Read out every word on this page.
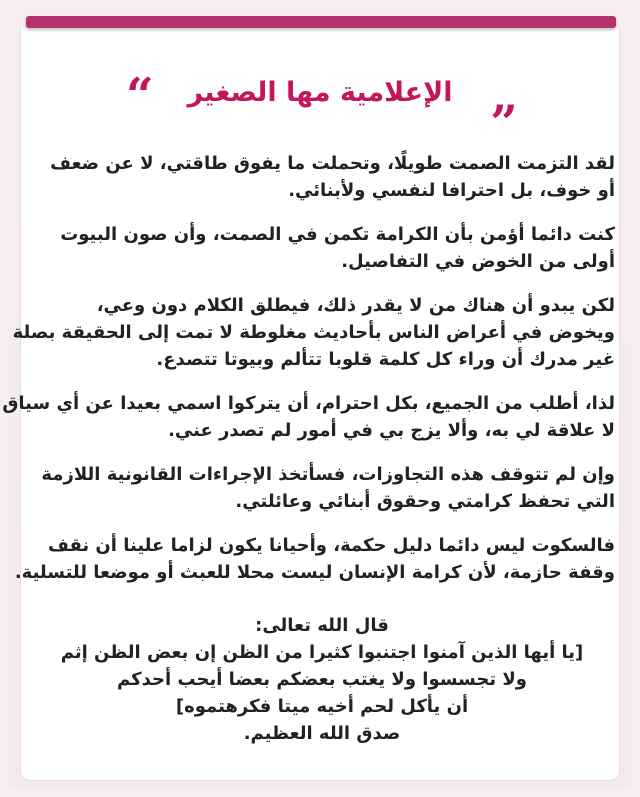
“	الإعلامية مها الصغير „

لقد التزمت الصمت طويلًا، وتحملت ما يفوق طاقتي، لا عن ضعف
أو خوف، بل احترافا لنفسي ولأبنائي.

كنت دائما أؤمن بأن الكرامة تكمن في الصمت، وأن صون البيوت
أولى من الخوض في التفاصيل.

لكن يبدو أن هناك من لا يقدر ذلك، فيطلق الكلام دون وعي،
ويخوض في أعراض الناس بأحاديث مغلوطة لا تمت إلى الحقيقة بصلة
غير مدرك أن وراء كل كلمة قلوبا تتألم وبيوتا تتصدع.

لذا، أطلب من الجميع، بكل احترام، أن يتركوا اسمي بعيدا عن أي سياق
لا علاقة لي به، وألا يزج بي في أمور لم تصدر عني.

وإن لم تتوقف هذه التجاوزات، فسأتخذ الإجراءات القانونية اللازمة
التي تحفظ كرامتي وحقوق أبنائي وعائلتي.

فالسكوت ليس دائما دليل حكمة، وأحيانا يكون لزاما علينا أن نقف
وقفة حازمة، لأن كرامة الإنسان ليست محلا للعبث أو موضعا للتسلية.

قال الله تعالى:
[يا أيها الذين آمنوا اجتنبوا كثيرا من الظن إن بعض الظن إثم
ولا تجسسوا ولا يغتب بعضكم بعضا أيحب أحدكم
أن يأكل لحم أخيه ميتا فكرهتموه]
صدق الله العظيم.
